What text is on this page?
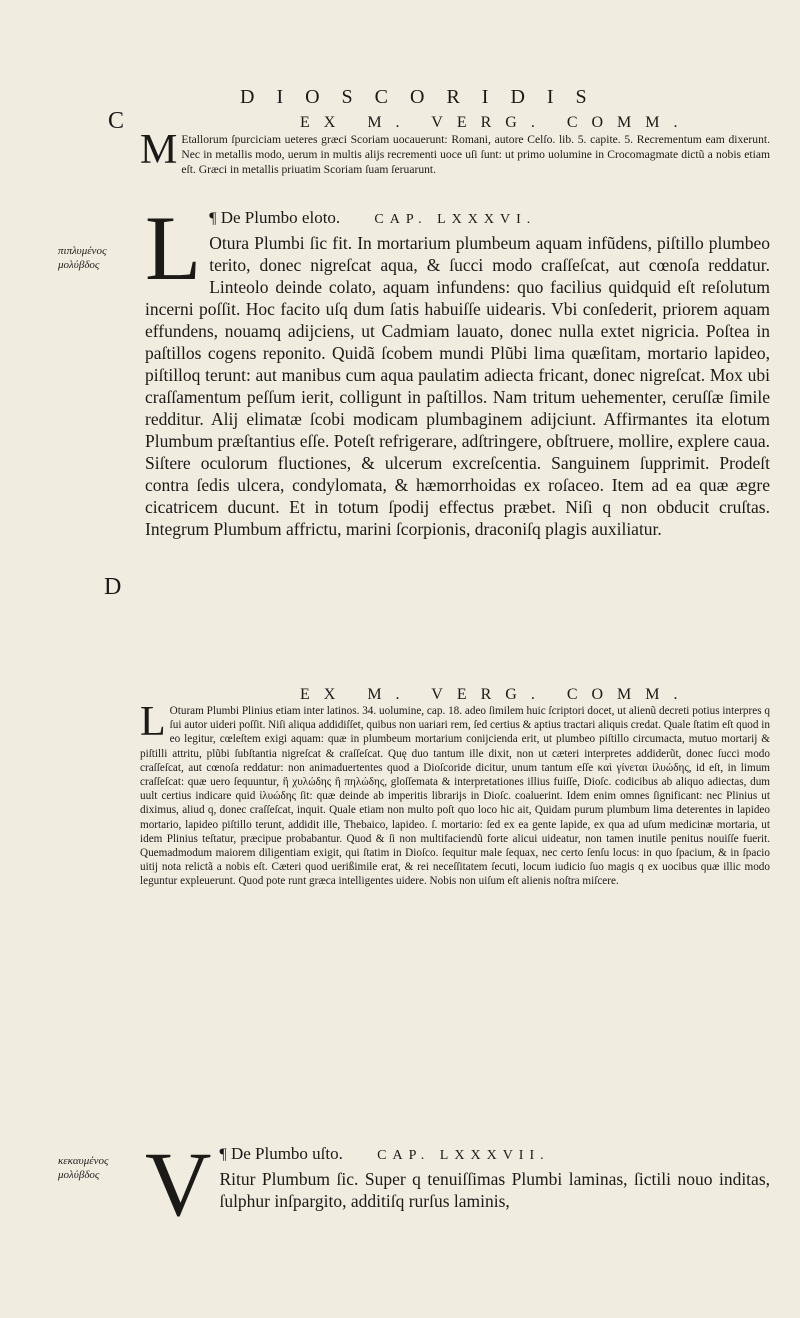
DIOSCORIDIS
C
D
πιπλυμένος μολύβδος
κεκαυμένος μολύβδος
EX M. VERG. COMM.
M Etallorum ſpurciciam ueteres græci Scoriam uocauerunt: Romani, autore Celſo. lib. 5. capite. 5. Recrementum eam dixerunt. Nec in metallis modo, uerum in multis alijs recrementi uoce uſi ſunt: ut primo uolumine in Crocomagmate dictũ a nobis etiam eſt. Græci in metallis priuatim Scoriam ſuam ſeruarunt.

L ¶ De Plumbo eloto. CAP. LXXXVI.

Otura Plumbi ſic fit. In mortarium plumbeum aquam infũdens, piſtillo plumbeo terito, donec nigreſcat aqua, & ſucci modo craſſeſcat, aut cœnoſa reddatur. Linteolo deinde colato, aquam infundens: quo facilius quidquid eſt reſolutum incerni poſſit. Hoc facito uſq dum ſatis habuiſſe uidearis. Vbi conſederit, priorem aquam effundens, nouamq adijciens, ut Cadmiam lauato, donec nulla extet nigricia. Poſtea in paſtillos cogens reponito. Quidã ſcobem mundi Plũbi lima quæſitam, mortario lapideo, piſtilloq terunt: aut manibus cum aqua paulatim adiecta fricant, donec nigreſcat. Mox ubi craſſamentum peſſum ierit, colligunt in paſtillos. Nam tritum uehementer, ceruſſæ ſimile redditur. Alij elimatæ ſcobi modicam plumbaginem adijciunt. Affirmantes ita elotum Plumbum præſtantius eſſe. Poteſt refrigerare, adſtringere, obſtruere, mollire, explere caua. Siſtere oculorum fluctiones, & ulcerum excreſcentia. Sanguinem ſupprimit. Prodeſt contra ſedis ulcera, condylomata, & hæmorrhoidas ex roſaceo. Item ad ea quæ ægre cicatricem ducunt. Et in totum ſpodij effectus præbet. Niſi q non obducit cruſtas. Integrum Plumbum affrictu, marini ſcorpionis, draconiſq plagis auxiliatur.

EX M. VERG. COMM.
L Oturam Plumbi Plinius etiam inter latinos. 34. uolumine, cap. 18. adeo ſimilem huic ſcriptori docet, ut alienũ decreti potius interpres q ſui autor uideri poſſit. Niſi aliqua addidiſſet, quibus non uariari rem, ſed certius & aptius tractari aliquis credat. Quale ſtatim eſt quod in eo legitur, cœleſtem exigi aquam: quæ in plumbeum mortarium conijcienda erit, ut plumbeo piſtillo circumacta, mutuo mortarij & piſtilli attritu, plũbi ſubſtantia nigreſcat & craſſeſcat. Quę duo tantum ille dixit, non ut cæteri interpretes addiderũt, donec ſucci modo craſſeſcat, aut cœnoſa reddatur: non animaduertentes quod a Dioſcoride dicitur, unum tantum eſſe καὶ γίνεται ἰλυώδης, id eſt, in limum craſſeſcat: quæ uero ſequuntur, ἢ χυλώδης ἢ πηλώδης, gloſſemata & interpretationes illius fuiſſe, Dioſc. codicibus ab aliquo adiectas, dum uult certius indicare quid ἰλυώδης ſit: quæ deinde ab imperitis librarijs in Dioſc. coaluerint. Idem enim omnes ſignificant: nec Plinius ut diximus, aliud q, donec craſſeſcat, inquit. Quale etiam non multo poſt quo loco hic ait, Quidam purum plumbum lima deterentes in lapideo mortario, lapideo piſtillo terunt, addidit ille, Thebaico, lapideo. ſ. mortario: ſed ex ea gente lapide, ex qua ad uſum medicinæ mortaria, ut idem Plinius teſtatur, præcipue probabantur. Quod & ſi non multifaciendũ forte alicui uideatur, non tamen inutile penitus nouiſſe fuerit. Quemadmodum maiorem diligentiam exigit, qui ſtatim in Dioſco. ſequitur male ſequax, nec certo ſenſu locus: in quo ſpacium, & in ſpacio uitij nota relictã a nobis eſt. Cæteri quod uerißimile erat, & rei neceſſitatem ſecuti, locum iudicio ſuo magis q ex uocibus quæ illic modo leguntur expleuerunt. Quod pote runt græca intelligentes uidere. Nobis non uiſum eſt alienis noſtra miſcere.

V ¶ De Plumbo uſto. CAP. LXXXVII.

Ritur Plumbum ſic. Super q tenuiſſimas Plumbi laminas, ſictili nouo inditas, ſulphur inſpargito, additiſq rurſus laminis,
